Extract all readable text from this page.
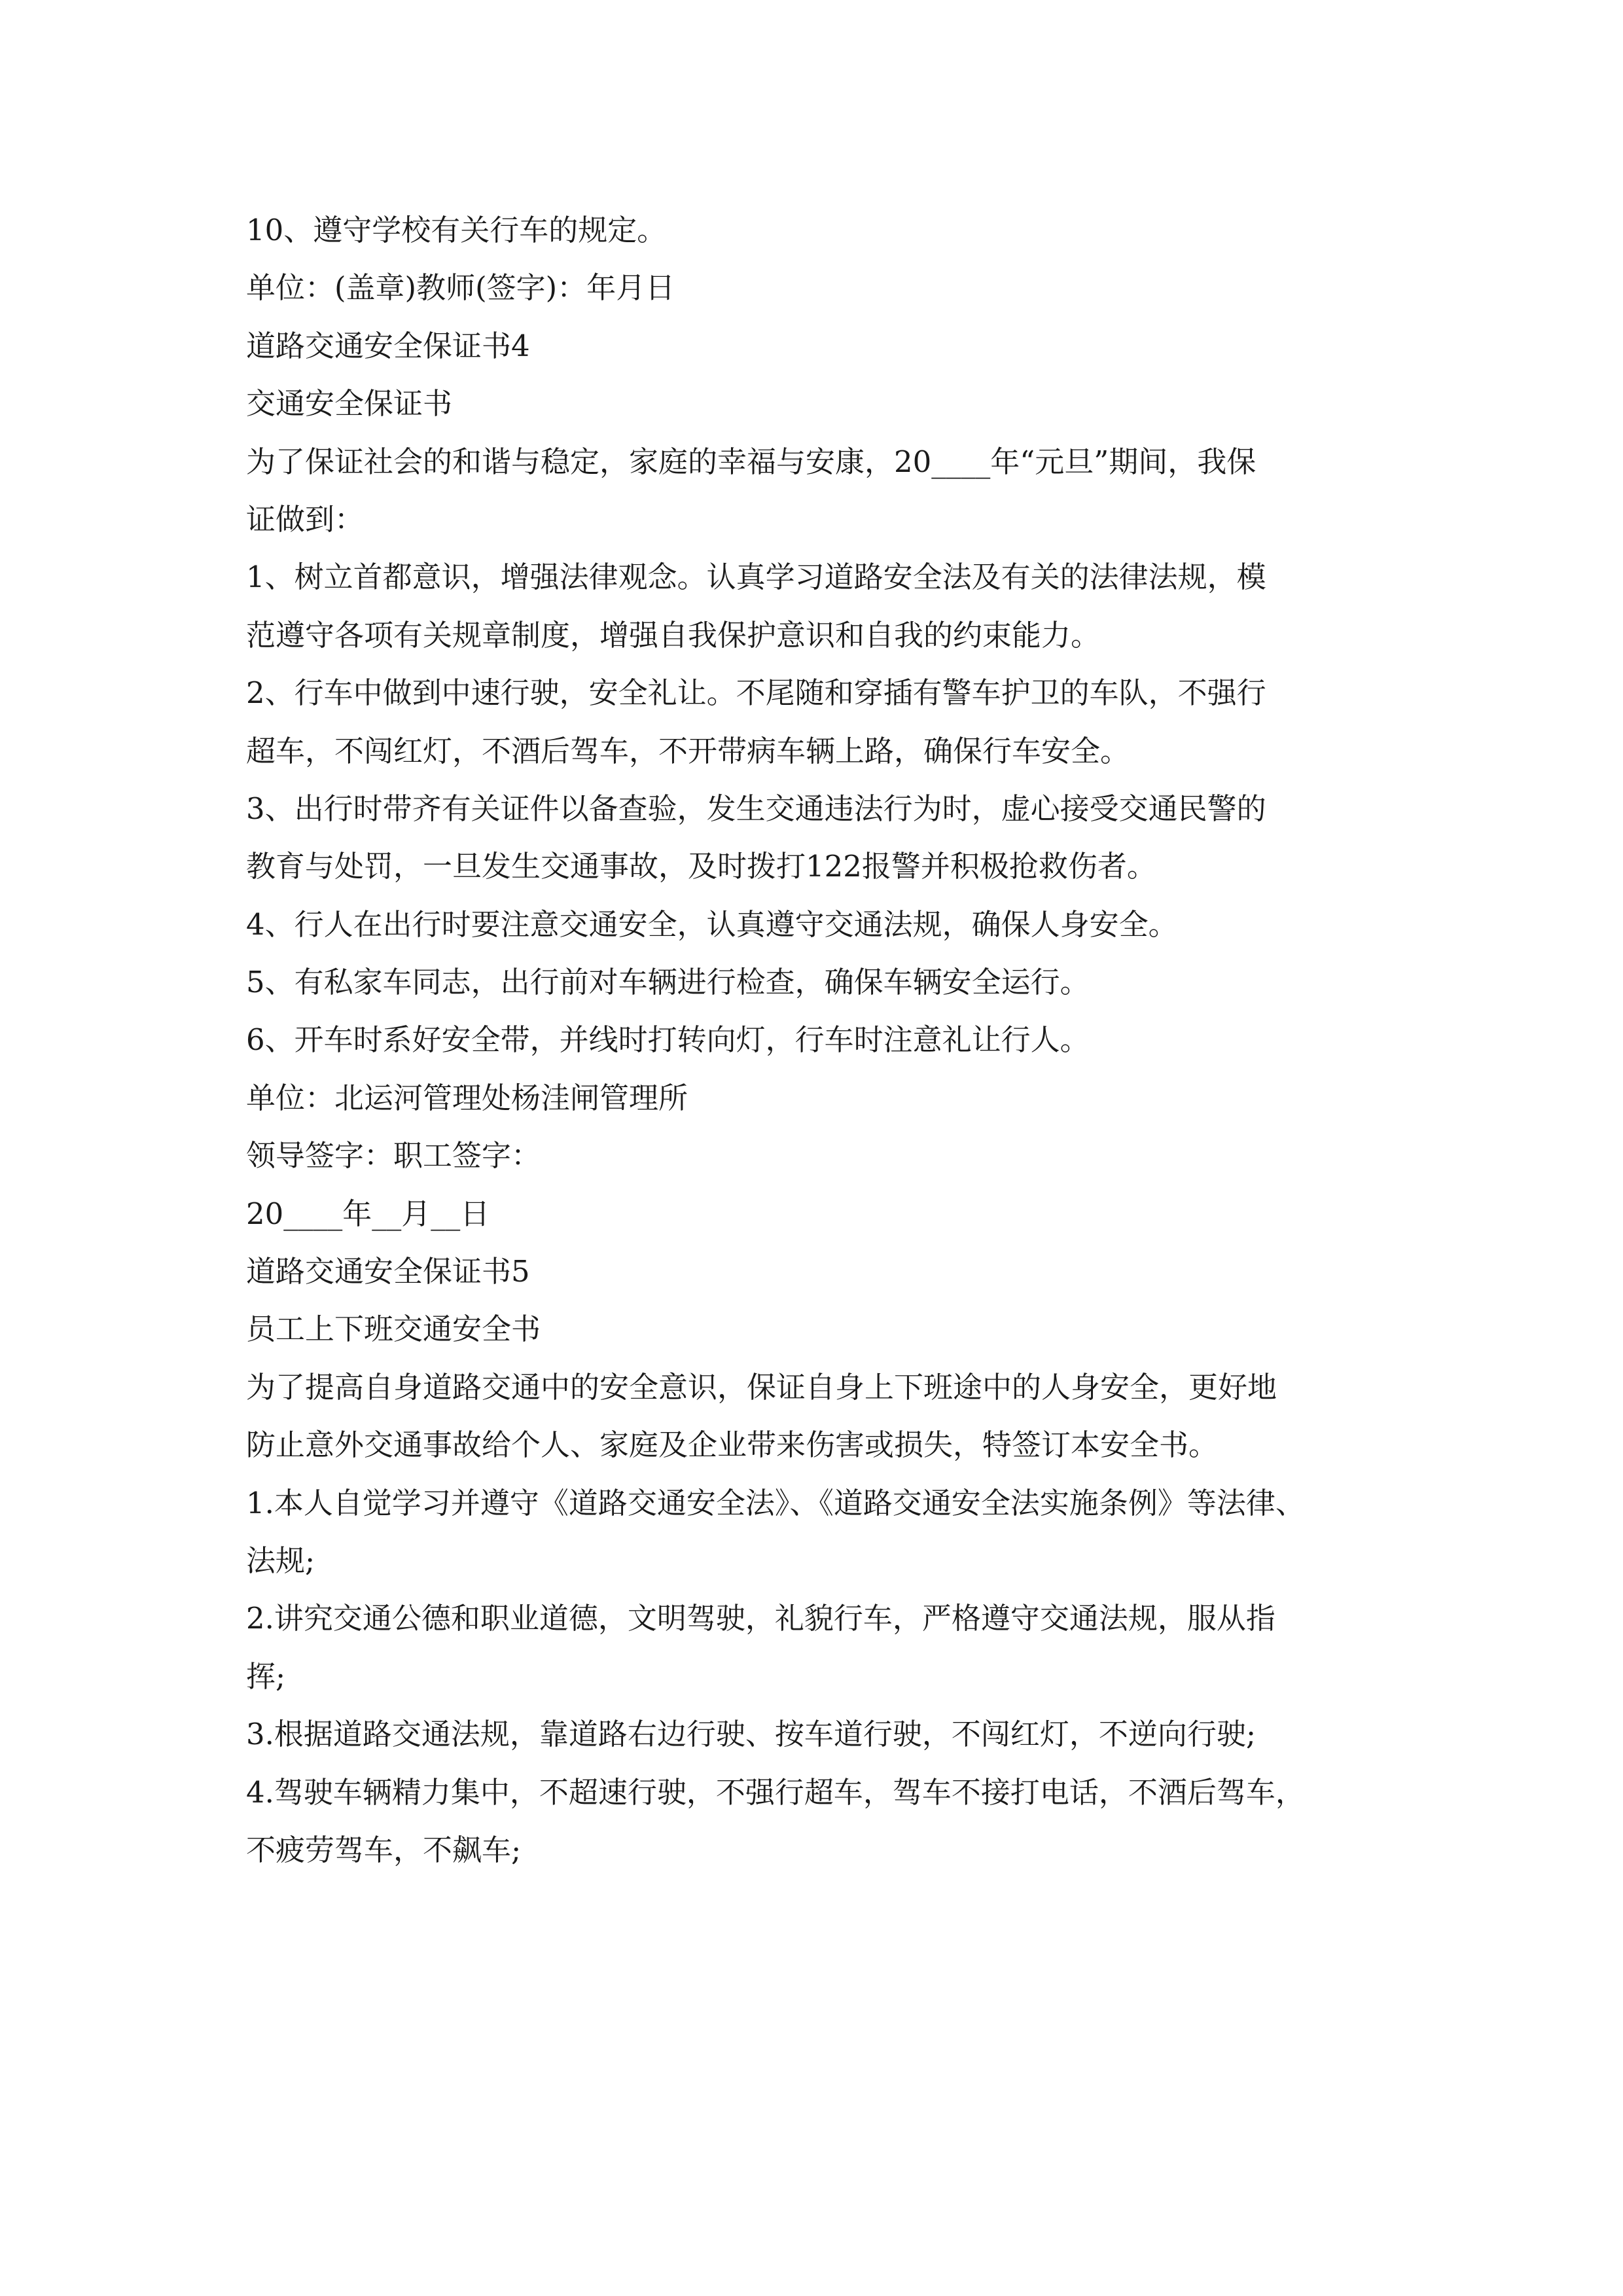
10、遵守学校有关行车的规定。

单位：(盖章)教师(签字)：年月日

道路交通安全保证书4

交通安全保证书

为了保证社会的和谐与稳定，家庭的幸福与安康，20____年“元旦”期间，我保

证做到：

1、树立首都意识，增强法律观念。认真学习道路安全法及有关的法律法规，模

范遵守各项有关规章制度，增强自我保护意识和自我的约束能力。

2、行车中做到中速行驶，安全礼让。不尾随和穿插有警车护卫的车队，不强行

超车，不闯红灯，不酒后驾车，不开带病车辆上路，确保行车安全。

3、出行时带齐有关证件以备查验，发生交通违法行为时，虚心接受交通民警的

教育与处罚，一旦发生交通事故，及时拨打122报警并积极抢救伤者。

4、行人在出行时要注意交通安全，认真遵守交通法规，确保人身安全。

5、有私家车同志，出行前对车辆进行检查，确保车辆安全运行。

6、开车时系好安全带，并线时打转向灯，行车时注意礼让行人。

单位：北运河管理处杨洼闸管理所

领导签字：职工签字：

20____年__月__日

道路交通安全保证书5

员工上下班交通安全书

为了提高自身道路交通中的安全意识，保证自身上下班途中的人身安全，更好地

防止意外交通事故给个人、家庭及企业带来伤害或损失，特签订本安全书。

1.本人自觉学习并遵守《道路交通安全法》、《道路交通安全法实施条例》等法律、

法规;

2.讲究交通公德和职业道德，文明驾驶，礼貌行车，严格遵守交通法规，服从指

挥;

3.根据道路交通法规，靠道路右边行驶、按车道行驶，不闯红灯，不逆向行驶;

4.驾驶车辆精力集中，不超速行驶，不强行超车，驾车不接打电话，不酒后驾车，

不疲劳驾车，不飙车;
